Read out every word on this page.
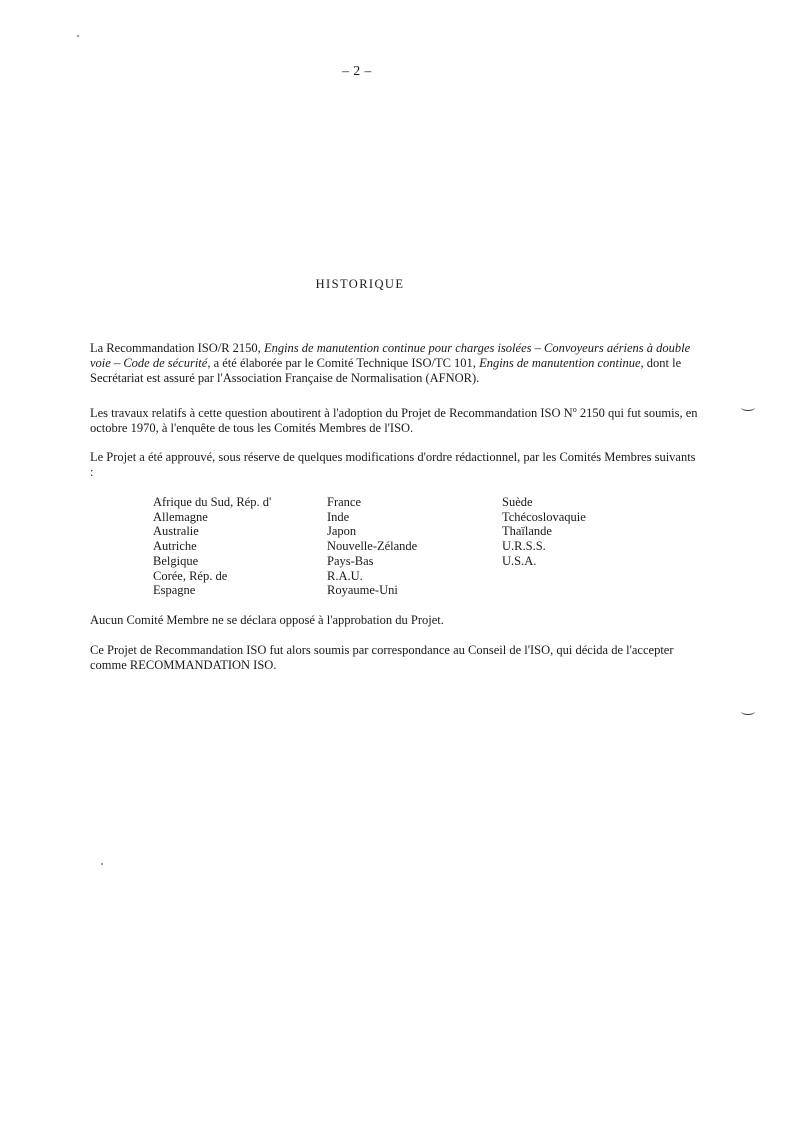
– 2 –
HISTORIQUE

La Recommandation ISO/R 2150, Engins de manutention continue pour charges isolées – Convoyeurs aériens à double voie – Code de sécurité, a été élaborée par le Comité Technique ISO/TC 101, Engins de manutention continue, dont le Secrétariat est assuré par l'Association Française de Normalisation (AFNOR).

Les travaux relatifs à cette question aboutirent à l'adoption du Projet de Recommandation ISO $N^o$ 2150 qui fut soumis, en octobre 1970, à l'enquête de tous les Comités Membres de l'ISO.

Le Projet a été approuvé, sous réserve de quelques modifications d'ordre rédactionnel, par les Comités Membres suivants :

Afrique du Sud, Rép. d'
Allemagne
Australie
Autriche
Belgique
Corée, Rép. de
Espagne
France
Inde
Japon
Nouvelle-Zélande
Pays-Bas
R.A.U.
Royaume-Uni
Suède
Tchécoslovaquie
Thaïlande
U.R.S.S.
U.S.A.

Aucun Comité Membre ne se déclara opposé à l'approbation du Projet.

Ce Projet de Recommandation ISO fut alors soumis par correspondance au Conseil de l'ISO, qui décida de l'accepter comme RECOMMANDATION ISO.
